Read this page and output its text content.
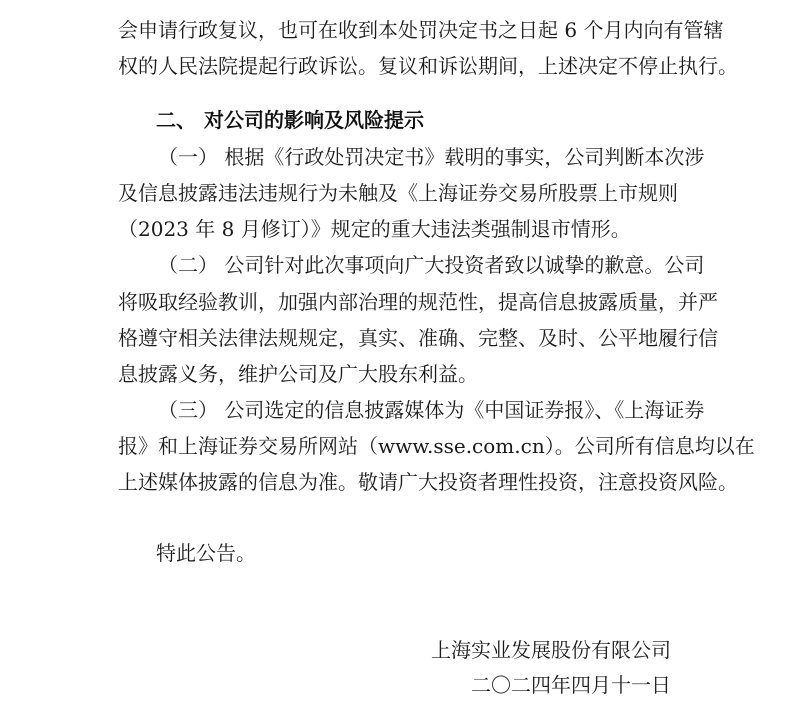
会申请行政复议，也可在收到本处罚决定书之日起 6 个月内向有管辖
权的人民法院提起行政诉讼。复议和诉讼期间，上述决定不停止执行。
二、 对公司的影响及风险提示
（一） 根据《行政处罚决定书》载明的事实，公司判断本次涉
及信息披露违法违规行为未触及《上海证券交易所股票上市规则
（2023 年 8 月修订）》规定的重大违法类强制退市情形。
（二） 公司针对此次事项向广大投资者致以诚挚的歉意。公司
将吸取经验教训，加强内部治理的规范性，提高信息披露质量，并严
格遵守相关法律法规规定，真实、准确、完整、及时、公平地履行信
息披露义务，维护公司及广大股东利益。
（三） 公司选定的信息披露媒体为《中国证券报》、《上海证券
报》和上海证券交易所网站（www.sse.com.cn）。公司所有信息均以在
上述媒体披露的信息为准。敬请广大投资者理性投资，注意投资风险。
特此公告。
上海实业发展股份有限公司
二〇二四年四月十一日
